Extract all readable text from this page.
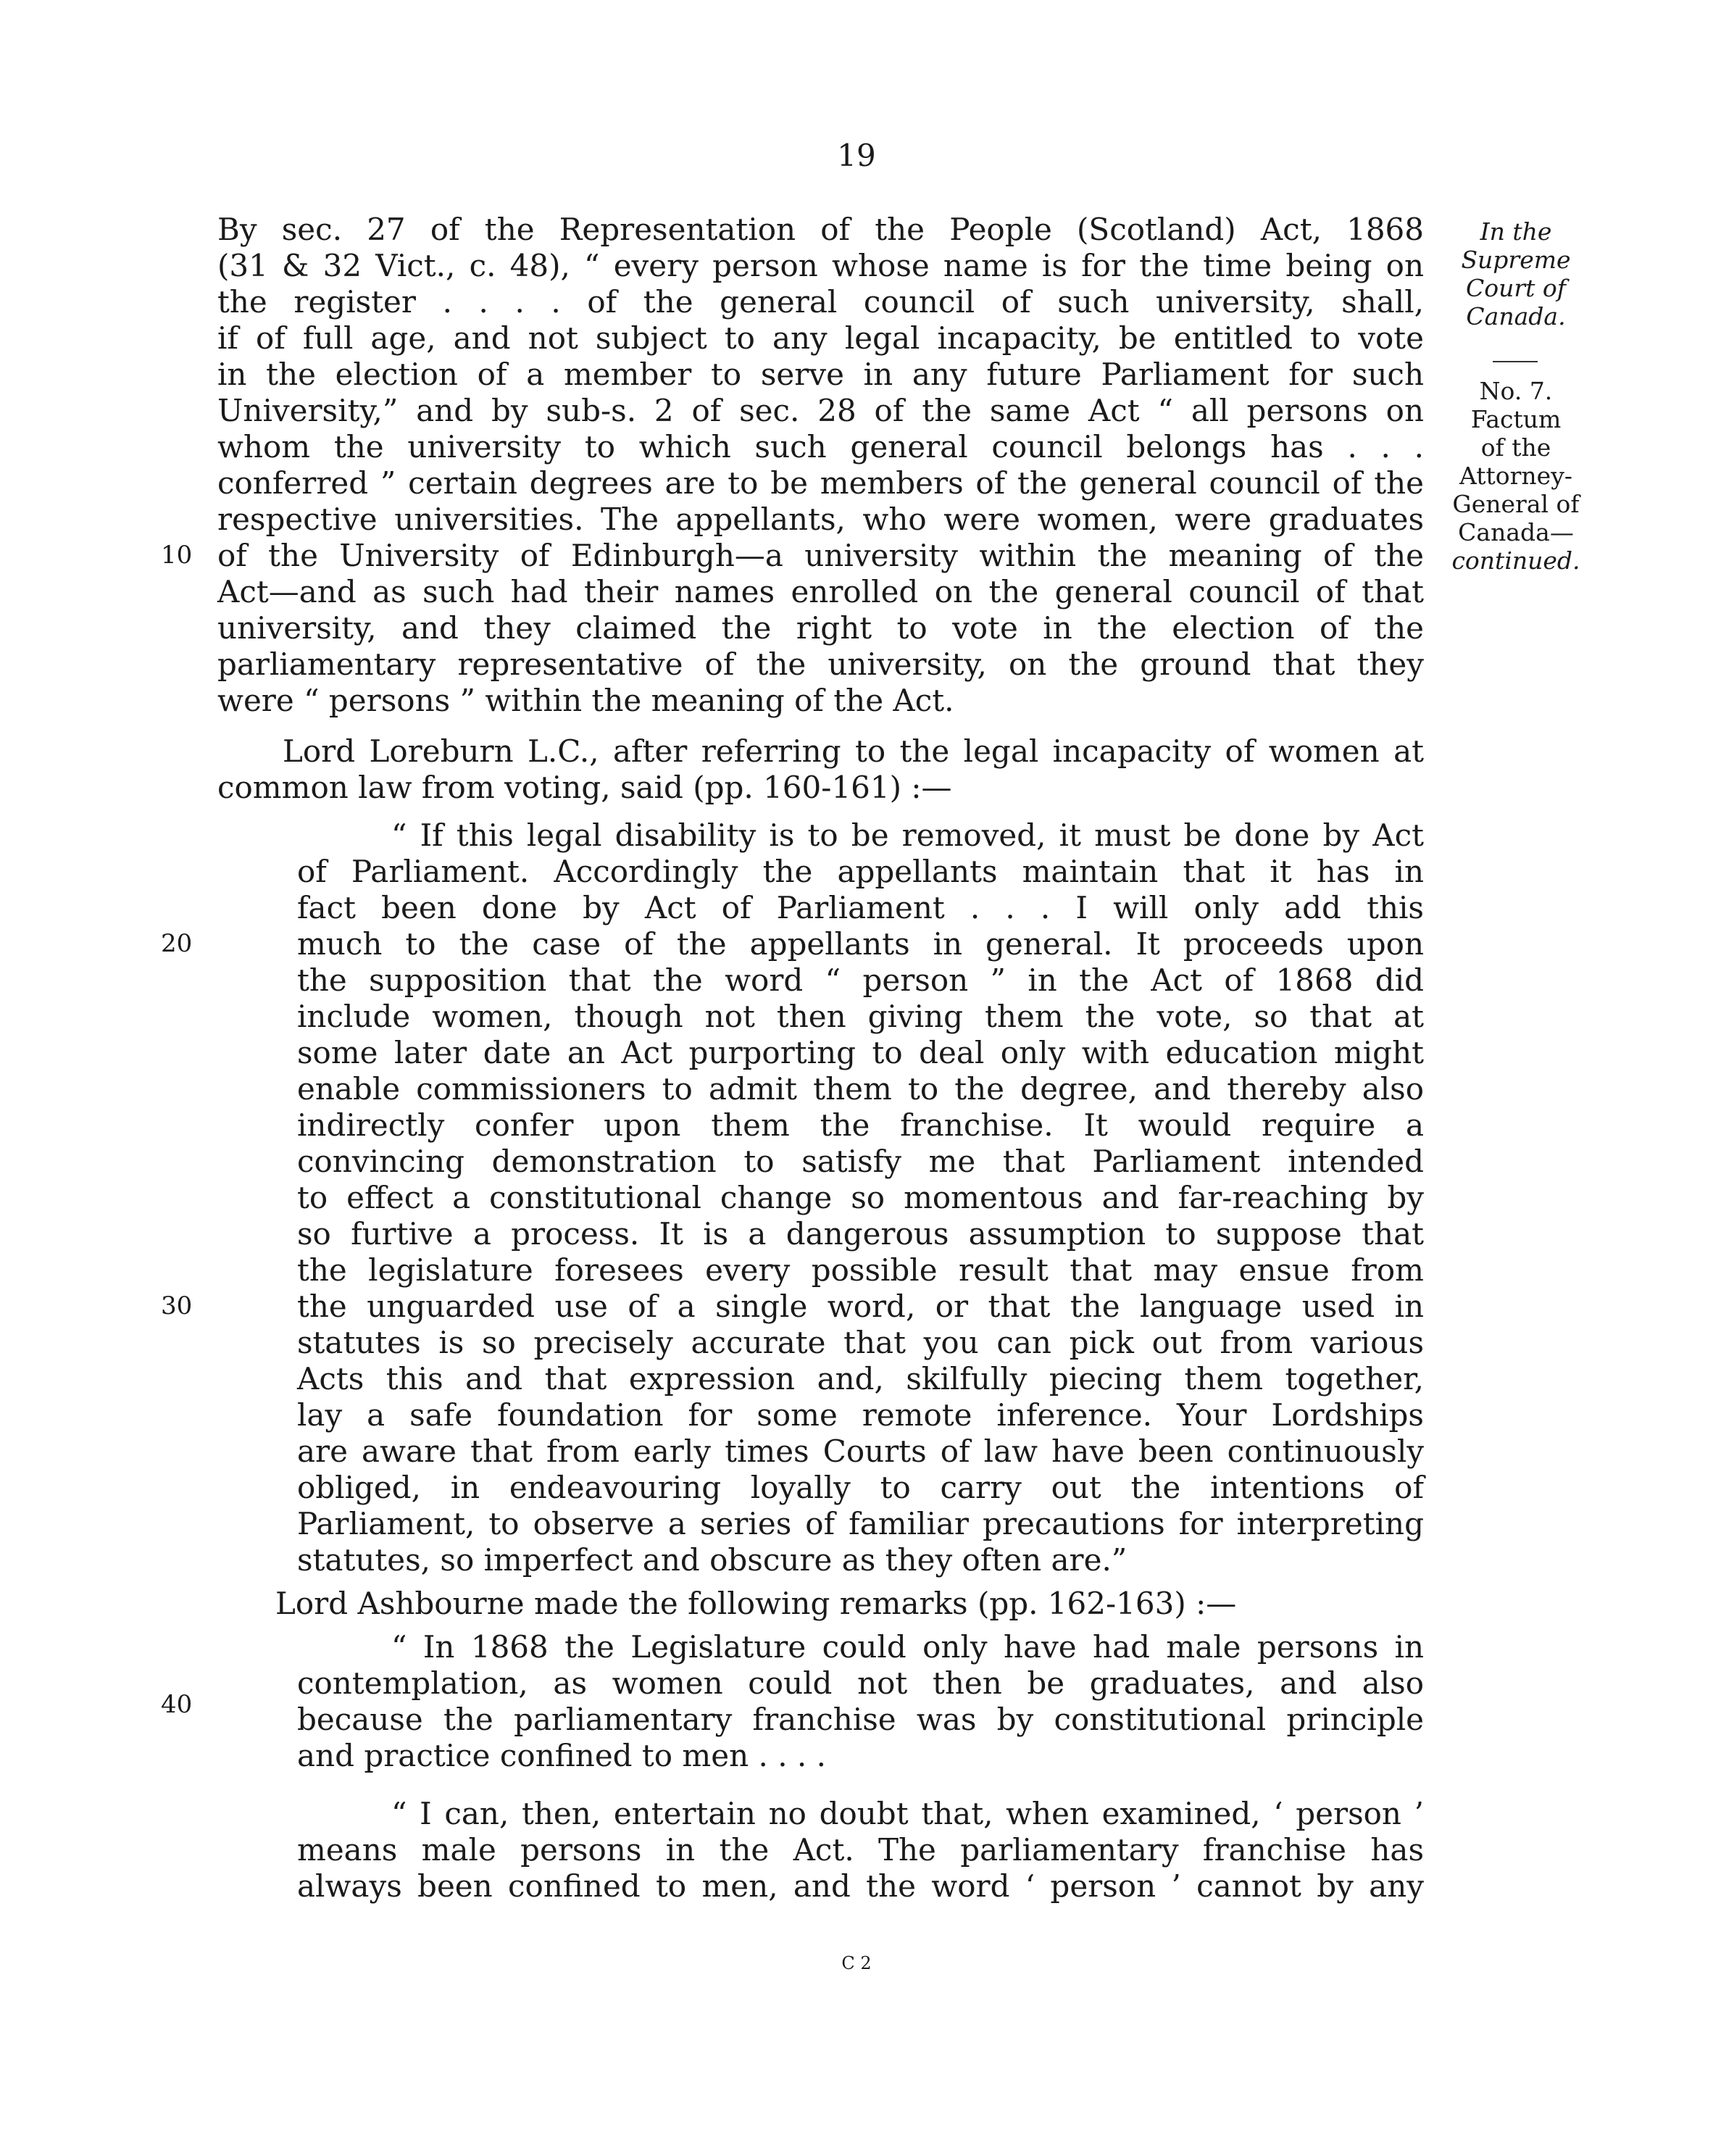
19

By sec. 27 of the Representation of the People (Scotland) Act, 1868

(31 & 32 Vict., c. 48), “ every person whose name is for the time being on

the register . . . . of the general council of such university, shall,

if of full age, and not subject to any legal incapacity, be entitled to vote

in the election of a member to serve in any future Parliament for such

University,” and by sub-s. 2 of sec. 28 of the same Act “ all persons on

whom the university to which such general council belongs has . . .

conferred ” certain degrees are to be members of the general council of the

respective universities. The appellants, who were women, were graduates

of the University of Edinburgh—a university within the meaning of the

Act—and as such had their names enrolled on the general council of that

university, and they claimed the right to vote in the election of the

parliamentary representative of the university, on the ground that they

were “ persons ” within the meaning of the Act.

Lord Loreburn L.C., after referring to the legal incapacity of women at

common law from voting, said (pp. 160-161) :—

“ If this legal disability is to be removed, it must be done by Act

of Parliament. Accordingly the appellants maintain that it has in

fact been done by Act of Parliament . . . I will only add this

much to the case of the appellants in general. It proceeds upon

the supposition that the word “ person ” in the Act of 1868 did

include women, though not then giving them the vote, so that at

some later date an Act purporting to deal only with education might

enable commissioners to admit them to the degree, and thereby also

indirectly confer upon them the franchise. It would require a

convincing demonstration to satisfy me that Parliament intended

to effect a constitutional change so momentous and far-reaching by

so furtive a process. It is a dangerous assumption to suppose that

the legislature foresees every possible result that may ensue from

the unguarded use of a single word, or that the language used in

statutes is so precisely accurate that you can pick out from various

Acts this and that expression and, skilfully piecing them together,

lay a safe foundation for some remote inference. Your Lordships

are aware that from early times Courts of law have been continuously

obliged, in endeavouring loyally to carry out the intentions of

Parliament, to observe a series of familiar precautions for interpreting

statutes, so imperfect and obscure as they often are.”

Lord Ashbourne made the following remarks (pp. 162-163) :—

“ In 1868 the Legislature could only have had male persons in

contemplation, as women could not then be graduates, and also

because the parliamentary franchise was by constitutional principle

and practice confined to men . . . .

“ I can, then, entertain no doubt that, when examined, ‘ person ’

means male persons in the Act. The parliamentary franchise has

always been confined to men, and the word ‘ person ’ cannot by any

10
20
30
40
In the
Supreme
Court of
Canada.
No. 7.
Factum
of the
Attorney-
General of
Canada—
continued.
C 2
